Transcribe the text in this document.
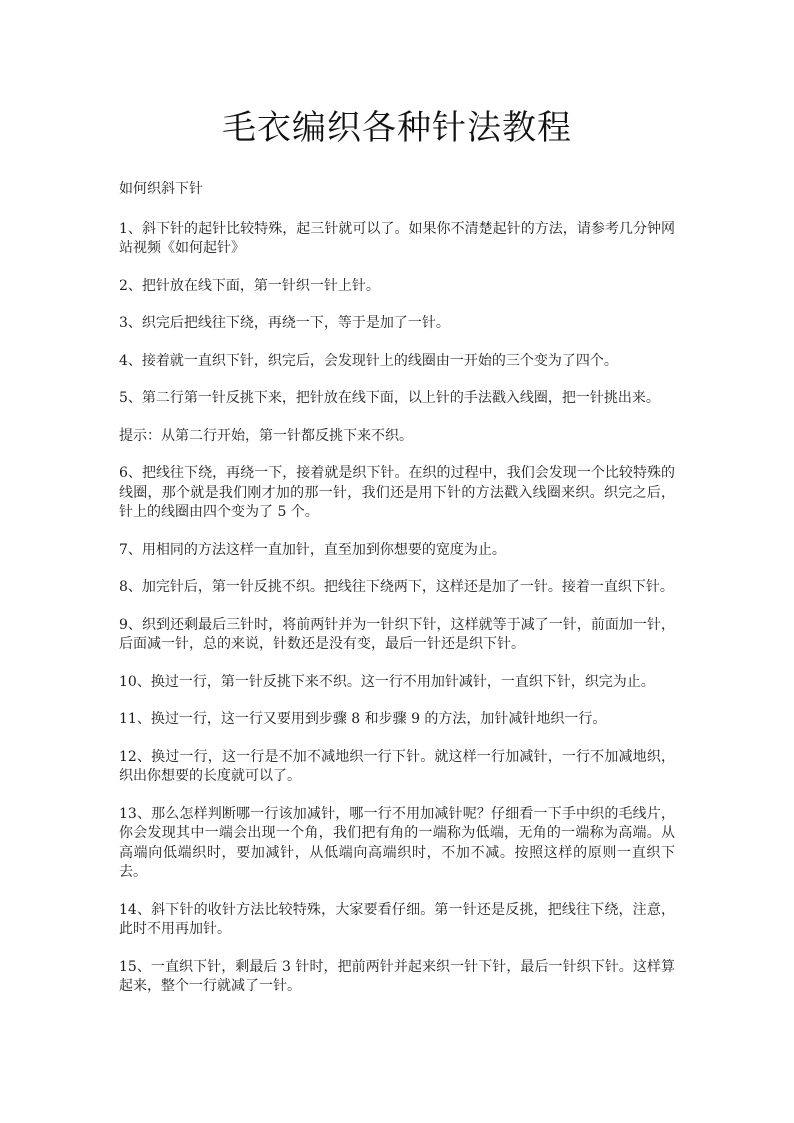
毛衣编织各种针法教程

如何织斜下针

1、斜下针的起针比较特殊，起三针就可以了。如果你不清楚起针的方法，请参考几分钟网站视频《如何起针》

2、把针放在线下面，第一针织一针上针。

3、织完后把线往下绕，再绕一下，等于是加了一针。

4、接着就一直织下针，织完后，会发现针上的线圈由一开始的三个变为了四个。

5、第二行第一针反挑下来，把针放在线下面，以上针的手法戳入线圈，把一针挑出来。

提示：从第二行开始，第一针都反挑下来不织。

6、把线往下绕，再绕一下，接着就是织下针。在织的过程中，我们会发现一个比较特殊的线圈，那个就是我们刚才加的那一针，我们还是用下针的方法戳入线圈来织。织完之后，针上的线圈由四个变为了 5 个。

7、用相同的方法这样一直加针，直至加到你想要的宽度为止。

8、加完针后，第一针反挑不织。把线往下绕两下，这样还是加了一针。接着一直织下针。

9、织到还剩最后三针时，将前两针并为一针织下针，这样就等于减了一针，前面加一针，后面减一针，总的来说，针数还是没有变，最后一针还是织下针。

10、换过一行，第一针反挑下来不织。这一行不用加针减针，一直织下针，织完为止。

11、换过一行，这一行又要用到步骤 8 和步骤 9 的方法，加针减针地织一行。

12、换过一行，这一行是不加不减地织一行下针。就这样一行加减针，一行不加减地织，织出你想要的长度就可以了。

13、那么怎样判断哪一行该加减针，哪一行不用加减针呢？仔细看一下手中织的毛线片，你会发现其中一端会出现一个角，我们把有角的一端称为低端，无角的一端称为高端。从高端向低端织时，要加减针，从低端向高端织时，不加不减。按照这样的原则一直织下去。

14、斜下针的收针方法比较特殊，大家要看仔细。第一针还是反挑，把线往下绕，注意，此时不用再加针。

15、一直织下针，剩最后 3 针时，把前两针并起来织一针下针，最后一针织下针。这样算起来，整个一行就减了一针。
